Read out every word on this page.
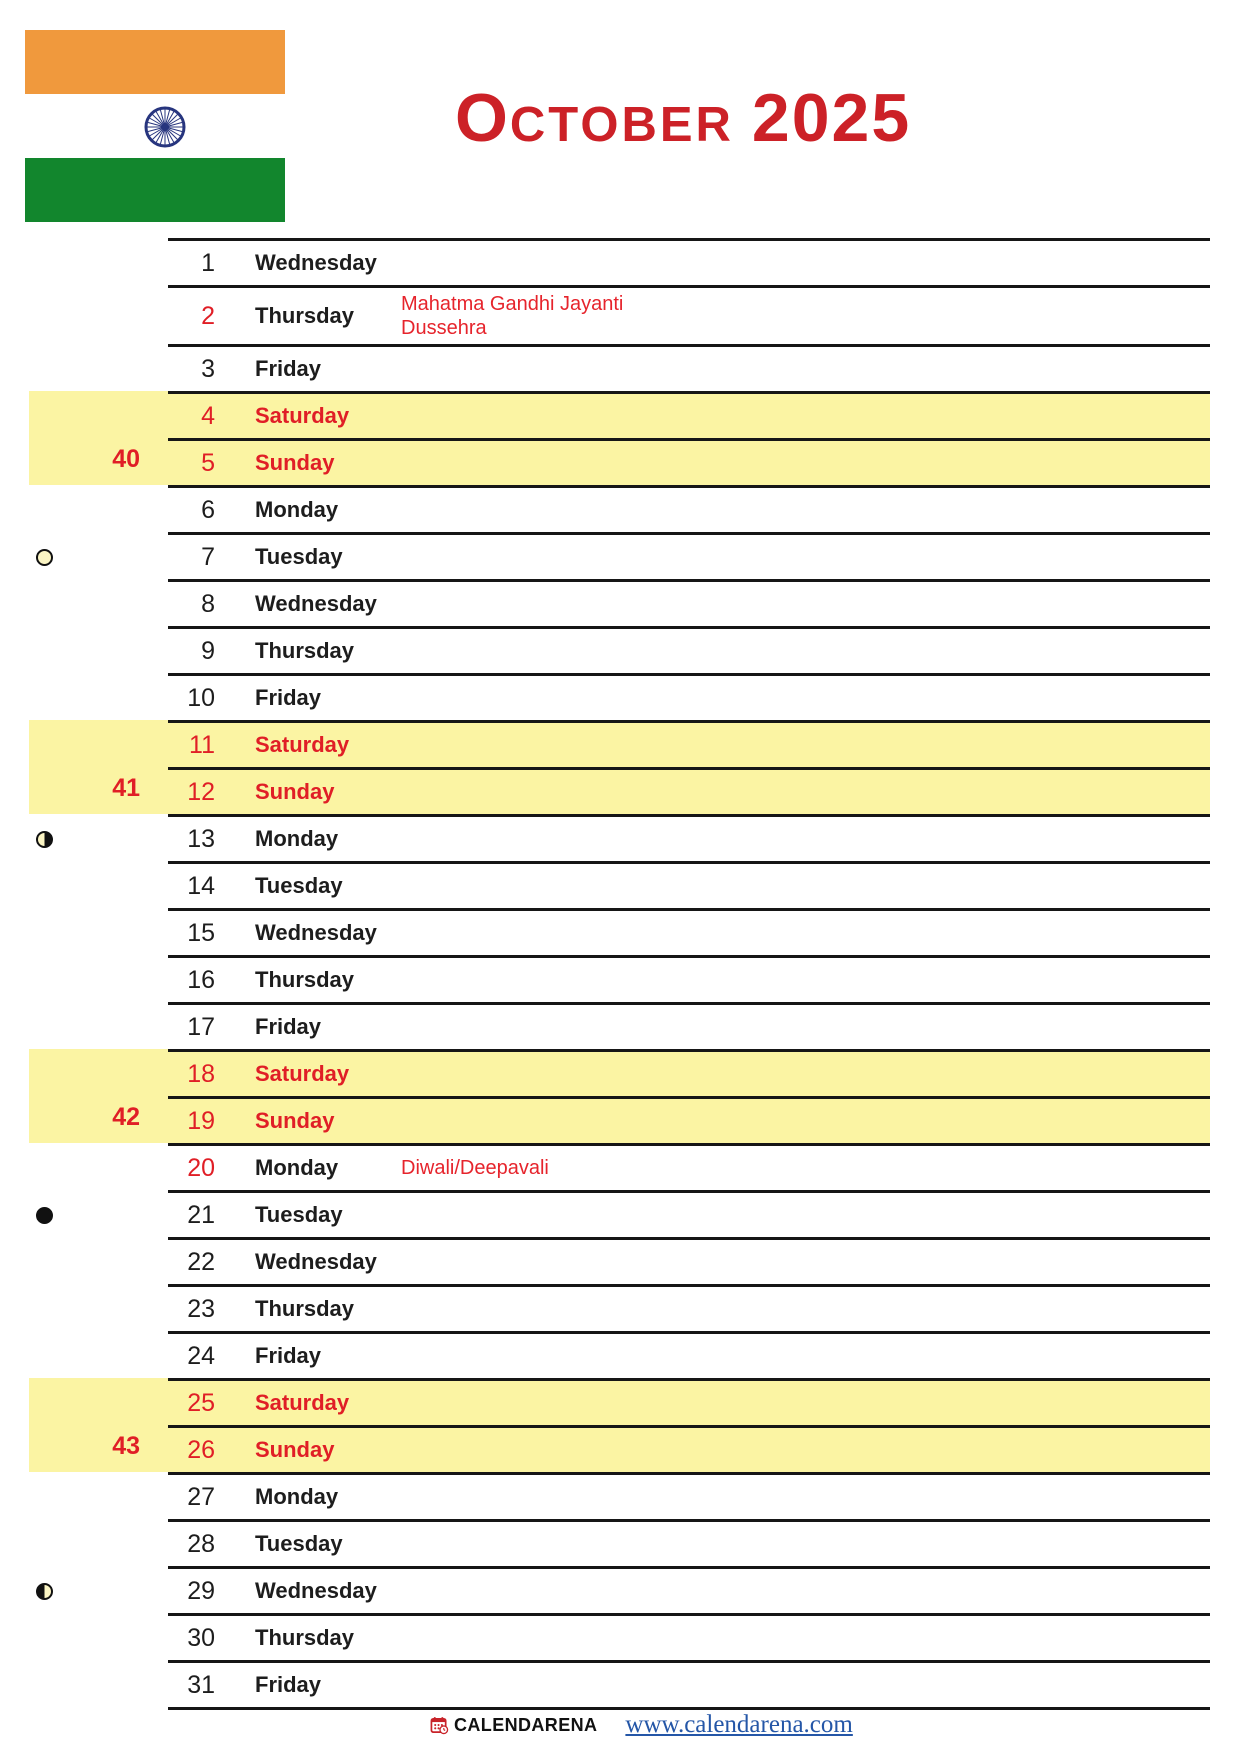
O CTOBER 2025
1 Wednesday
2 Thursday	Mahatma Gandhi Jayanti
Dussehra
3 Friday
4 Saturday
5 Sunday
6 Monday
7 Tuesday
8 Wednesday
9 Thursday
10 Friday
11 Saturday
12 Sunday
13 Monday
14 Tuesday
15 Wednesday
16 Thursday
17 Friday
18 Saturday
19 Sunday
20 Monday	Diwali/Deepavali
21 Tuesday
22 Wednesday
23 Thursday
24 Friday
25 Saturday
26 Sunday
27 Monday
28 Tuesday
29 Wednesday
30 Thursday
31 Friday
CALENDARENA www.calendarena.com
40
41
42
43
